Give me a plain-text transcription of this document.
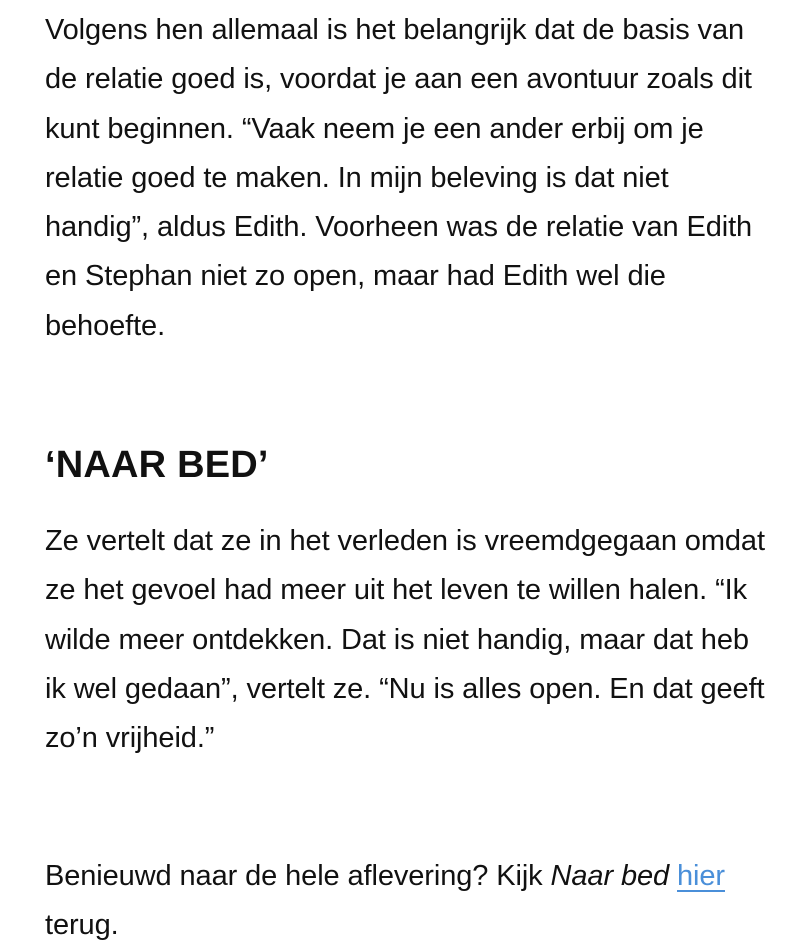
Volgens hen allemaal is het belangrijk dat de basis van de relatie goed is, voordat je aan een avontuur zoals dit kunt beginnen. “Vaak neem je een ander erbij om je relatie goed te maken. In mijn beleving is dat niet handig”, aldus Edith. Voorheen was de relatie van Edith en Stephan niet zo open, maar had Edith wel die behoefte.

‘NAAR BED’

Ze vertelt dat ze in het verleden is vreemdgegaan omdat ze het gevoel had meer uit het leven te willen halen. “Ik wilde meer ontdekken. Dat is niet handig, maar dat heb ik wel gedaan”, vertelt ze. “Nu is alles open. En dat geeft zo’n vrijheid.”

Benieuwd naar de hele aflevering? Kijk Naar bed hier terug.
